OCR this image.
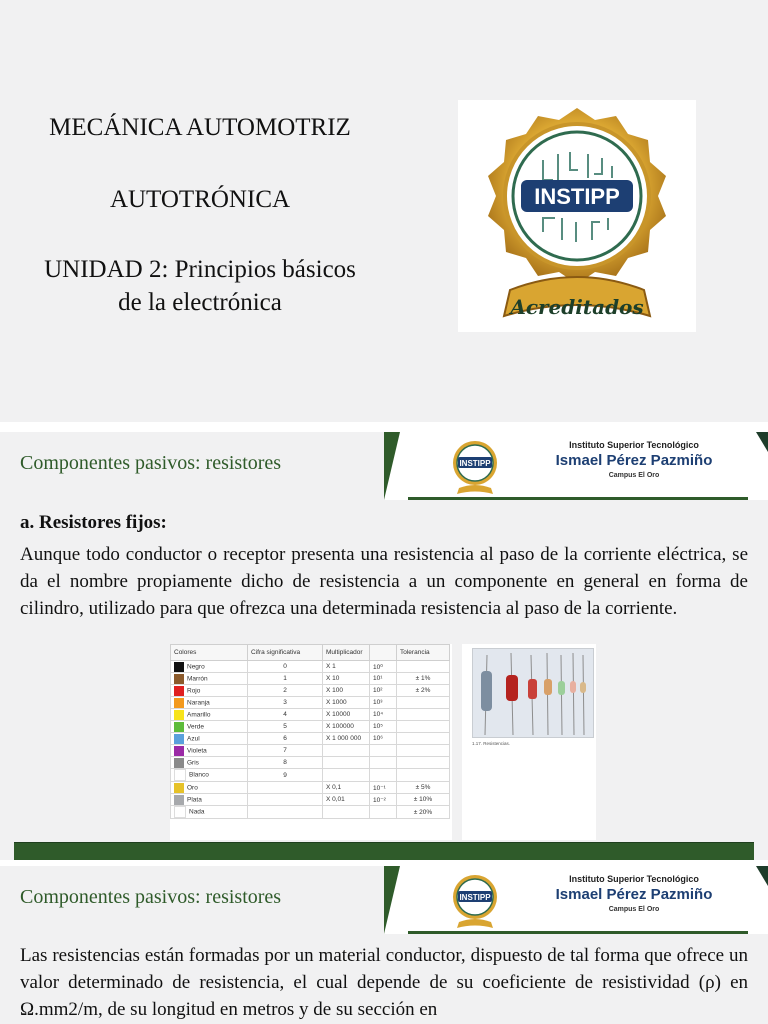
MECÁNICA AUTOMOTRIZ
AUTOTRÓNICA
UNIDAD 2: Principios básicos
de la electrónica
INSTIPP
Acreditados
Componentes pasivos: resistores	INSTIPP
Instituto Superior Tecnológico
Ismael Pérez Pazmiño
Campus El Oro
a. Resistores fijos:
Aunque todo conductor o receptor presenta una resistencia al paso de la corriente eléctrica, se da el nombre propiamente dicho de resistencia a un componente en general en forma de cilindro, utilizado para que ofrezca una determinada resistencia al paso de la corriente.
Colores	Cifra significativa	Multiplicador		Tolerancia
Negro	0	X 1	10⁰	
Marrón	1	X 10	10¹	± 1%
Rojo	2	X 100	10²	± 2%
Naranja	3	X 1000	10³	
Amarillo	4	X 10000	10⁴	
Verde	5	X 100000	10⁵	
Azul	6	X 1 000 000	10⁶	
Violeta	7			
Gris	8			
Blanco	9			
Oro		X 0,1	10⁻¹	± 5%
Plata		X 0,01	10⁻²	± 10%
Nada				± 20%
1.17. Resistencias.
Componentes pasivos: resistores	INSTIPP
Instituto Superior Tecnológico
Ismael Pérez Pazmiño
Campus El Oro
Las resistencias están formadas por un material conductor, dispuesto de tal forma que ofrece un valor determinado de resistencia, el cual depende de su coeficiente de resistividad (ρ) en Ω.mm2/m, de su longitud en metros y de su sección en
